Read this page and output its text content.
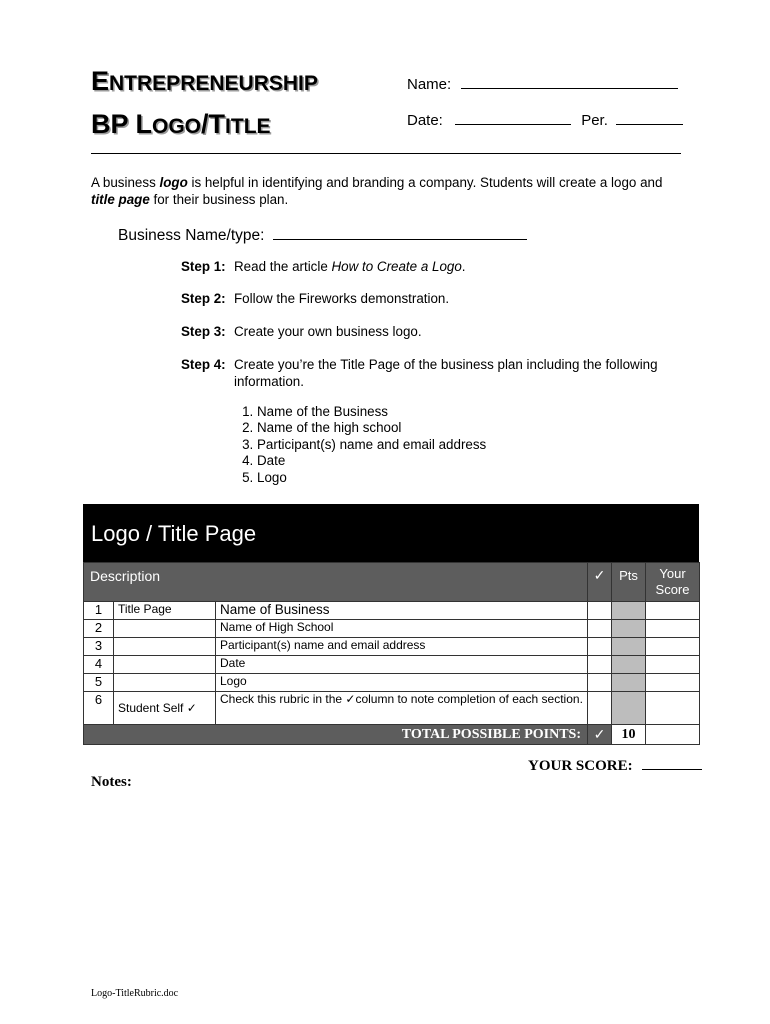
ENTREPRENEURSHIP
BP LOGO/TITLE
Name:
Date:	Per.
A business logo is helpful in identifying and branding a company. Students will create a logo and title page for their business plan.
Business Name/type:
Step 1: Read the article How to Create a Logo.
Step 2: Follow the Fireworks demonstration.
Step 3: Create your own business logo.
Step 4: Create you’re the Title Page of the business plan including the following
information.
1. Name of the Business
2. Name of the high school
3. Participant(s) name and email address
4. Date
5. Logo
Logo / Title Page
Description			✓	Pts	Your
Score

1	Title Page	Name of Business			
2		Name of High School			
3		Participant(s) name and email address			
4		Date			
5		Logo			
6	Student Self ✓	Check this rubric in the ✓column to note completion of each section.			
TOTAL POSSIBLE POINTS:			✓	10	
YOUR SCORE:
Notes:
Logo-TitleRubric.doc
